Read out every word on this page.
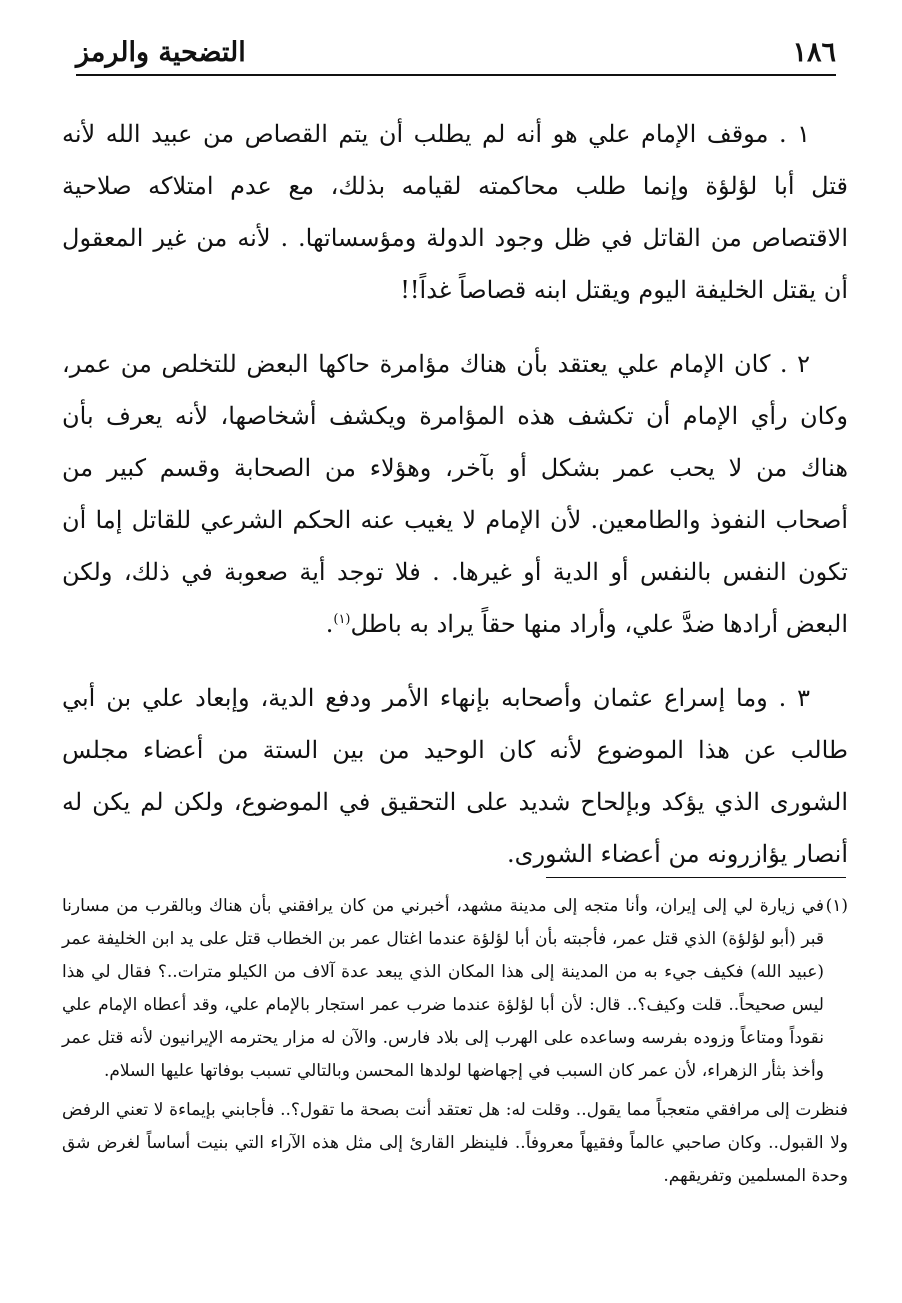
١٨٦
التضحية والرمز

١ . موقف الإمام علي هو أنه لم يطلب أن يتم القصاص من عبيد الله لأنه قتل أبا لؤلؤة وإنما طلب محاكمته لقيامه بذلك، مع عدم امتلاكه صلاحية الاقتصاص من القاتل في ظل وجود الدولة ومؤسساتها. . لأنه من غير المعقول أن يقتل الخليفة اليوم ويقتل ابنه قصاصاً غداً!!

٢ . كان الإمام علي يعتقد بأن هناك مؤامرة حاكها البعض للتخلص من عمر، وكان رأي الإمام أن تكشف هذه المؤامرة ويكشف أشخاصها، لأنه يعرف بأن هناك من لا يحب عمر بشكل أو بآخر، وهؤلاء من الصحابة وقسم كبير من أصحاب النفوذ والطامعين. لأن الإمام لا يغيب عنه الحكم الشرعي للقاتل إما أن تكون النفس بالنفس أو الدية أو غيرها. . فلا توجد أية صعوبة في ذلك، ولكن البعض أرادها ضدَّ علي، وأراد منها حقاً يراد به باطل$^{(١)}$.

٣ . وما إسراع عثمان وأصحابه بإنهاء الأمر ودفع الدية، وإبعاد علي بن أبي طالب عن هذا الموضوع لأنه كان الوحيد من بين الستة من أعضاء مجلس الشورى الذي يؤكد وبإلحاح شديد على التحقيق في الموضوع، ولكن لم يكن له أنصار يؤازرونه من أعضاء الشورى.

(١)
في زيارة لي إلى إيران، وأنا متجه إلى مدينة مشهد، أخبرني من كان يرافقني بأن هناك وبالقرب من مسارنا قبر (أبو لؤلؤة) الذي قتل عمر، فأجبته بأن أبا لؤلؤة عندما اغتال عمر بن الخطاب قتل على يد ابن الخليفة عمر (عبيد الله) فكيف جيء به من المدينة إلى هذا المكان الذي يبعد عدة آلاف من الكيلو مترات..؟ فقال لي هذا ليس صحيحاً.. قلت وكيف؟.. قال: لأن أبا لؤلؤة عندما ضرب عمر استجار بالإمام علي، وقد أعطاه الإمام علي نقوداً ومتاعاً وزوده بفرسه وساعده على الهرب إلى بلاد فارس. والآن له مزار يحترمه الإيرانيون لأنه قتل عمر وأخذ بثأر الزهراء، لأن عمر كان السبب في إجهاضها لولدها المحسن وبالتالي تسبب بوفاتها عليها السلام.

فنظرت إلى مرافقي متعجباً مما يقول.. وقلت له: هل تعتقد أنت بصحة ما تقول؟.. فأجابني بإيماءة لا تعني الرفض ولا القبول.. وكان صاحبي عالماً وفقيهاً معروفاً.. فلينظر القارئ إلى مثل هذه الآراء التي بنيت أساساً لغرض شق وحدة المسلمين وتفريقهم.
